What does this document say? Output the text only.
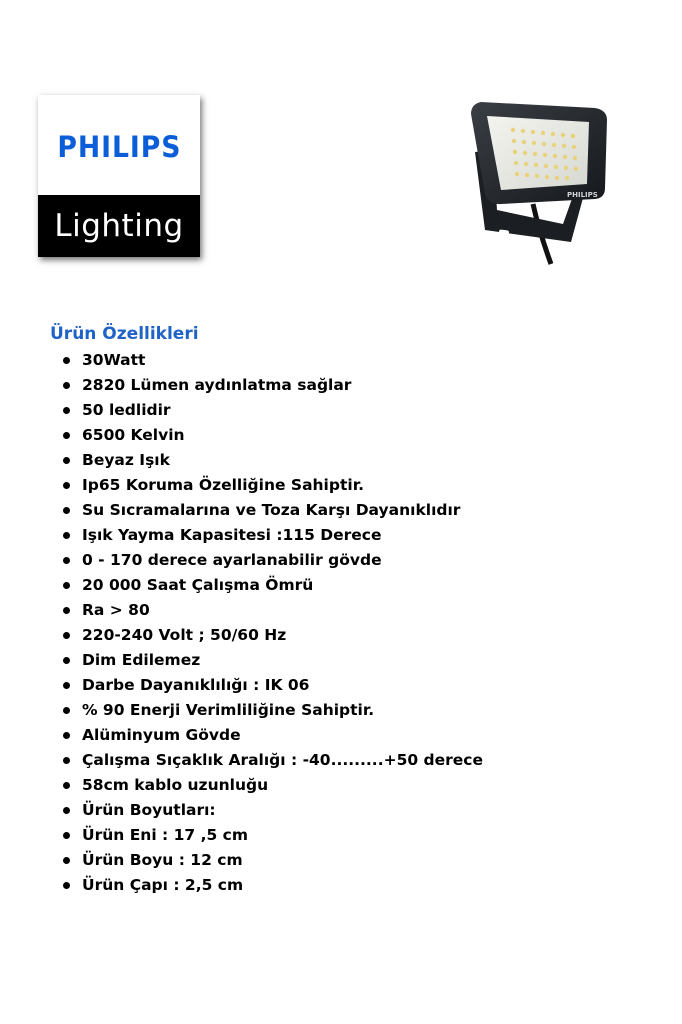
PHILIPS
Lighting
PHILIPS
Ürün Özellikleri
30Watt
2820 Lümen aydınlatma sağlar
50 ledlidir
6500 Kelvin
Beyaz Işık
Ip65 Koruma Özelliğine Sahiptir.
Su Sıcramalarına ve Toza Karşı Dayanıklıdır
Işık Yayma Kapasitesi :115 Derece
0 - 170 derece ayarlanabilir gövde
20 000 Saat Çalışma Ömrü
Ra > 80
220-240 Volt ; 50/60 Hz
Dim Edilemez
Darbe Dayanıklılığı : IK 06
% 90 Enerji Verimliliğine Sahiptir.
Alüminyum Gövde
Çalışma Sıçaklık Aralığı : -40.........+50 derece
58cm kablo uzunluğu
Ürün Boyutları:
Ürün Eni : 17 ,5 cm
Ürün Boyu : 12 cm
Ürün Çapı : 2,5 cm
